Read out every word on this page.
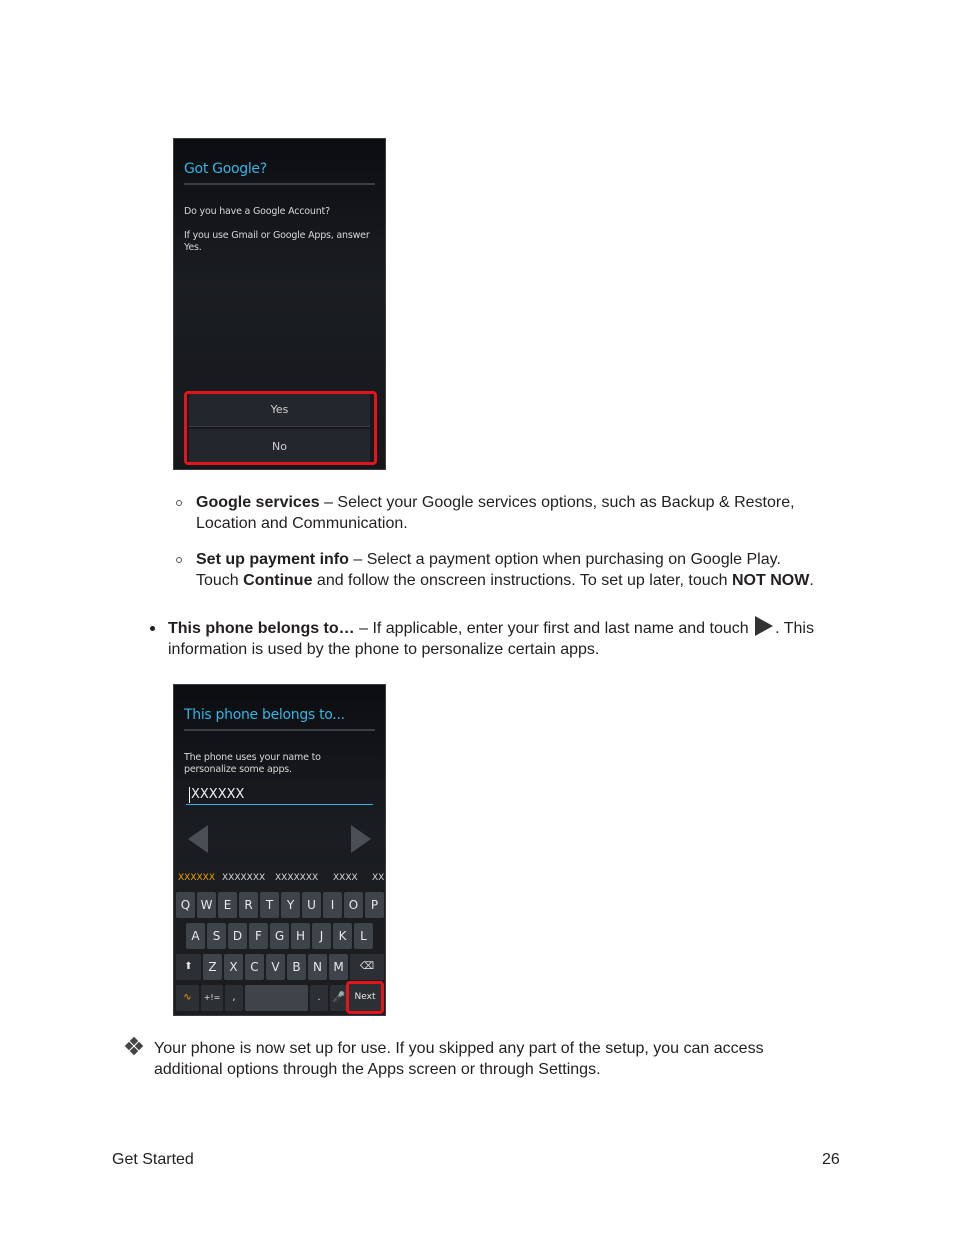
Got Google?
Do you have a Google Account?
If you use Gmail or Google Apps, answer Yes.
Yes
No
Google services – Select your Google services options, such as Backup & Restore, Location and Communication.
Set up payment info – Select a payment option when purchasing on Google Play.
Touch Continue and follow the onscreen instructions. To set up later, touch NOT NOW.
This phone belongs to… – If applicable, enter your first and last name and touch . This information is used by the phone to personalize certain apps.
This phone belongs to...
The phone uses your name to personalize some apps.
XXXXXX
XXXXXX XXXXXXX XXXXXXX XXXX XX
Q W E	R	T	Y	U	I	O	P
A	S	D	F	G H	J	K	L
⬆	Z	X	C	V	B	N M	⌫
∿	+!=	,	.	🎤	Next
Your phone is now set up for use. If you skipped any part of the setup, you can access additional options through the Apps screen or through Settings.
Get Started	26
